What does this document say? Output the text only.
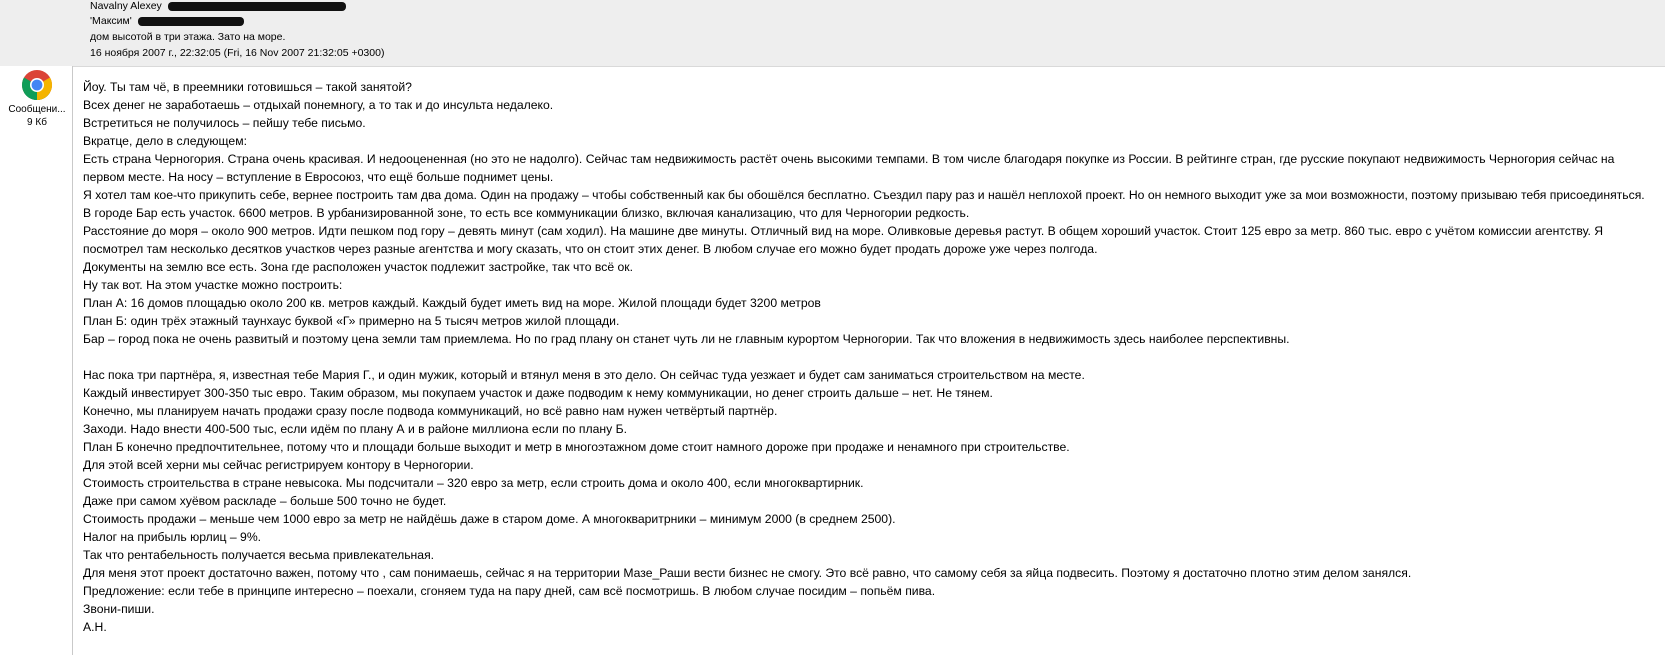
Navalny Alexey
'Максим'
дом высотой в три этажа. Зато на море.
16 ноября 2007 г., 22:32:05 (Fri, 16 Nov 2007 21:32:05 +0300)
Сообщени...
9 Кб

Йоу. Ты там чё, в преемники готовишься – такой занятой?

Всех денег не заработаешь – отдыхай понемногу, а то так и до инсульта недалеко.

Встретиться не получилось – пейшу тебе письмо.

Вкратце, дело в следующем:

Есть страна Черногория. Страна очень красивая. И недооцененная (но это не надолго). Сейчас там недвижимость растёт очень высокими темпами. В том числе благодаря покупке из России. В рейтинге стран, где русские покупают недвижимость Черногория сейчас на первом месте. На носу – вступление в Евросоюз, что ещё больше поднимет цены.

Я хотел там кое-что прикупить себе, вернее построить там два дома. Один на продажу – чтобы собственный как бы обошёлся бесплатно. Съездил пару раз и нашёл неплохой проект. Но он немного выходит уже за мои возможности, поэтому призываю тебя присоединяться.

В городе Бар есть участок. 6600 метров. В урбанизированной зоне, то есть все коммуникации близко, включая канализацию, что для Черногории редкость.

Расстояние до моря – около 900 метров. Идти пешком под гору – девять минут (сам ходил). На машине две минуты. Отличный вид на море. Оливковые деревья растут. В общем хороший участок. Стоит 125 евро за метр. 860 тыс. евро с учётом комиссии агентству. Я посмотрел там несколько десятков участков через разные агентства и могу сказать, что он стоит этих денег. В любом случае его можно будет продать дороже уже через полгода.

Документы на землю все есть. Зона где расположен участок подлежит застройке, так что всё ок.

Ну так вот. На этом участке можно построить:

План А: 16 домов площадью около 200 кв. метров каждый. Каждый будет иметь вид на море. Жилой площади будет 3200 метров

План Б: один трёх этажный таунхаус буквой «Г» примерно на 5 тысяч метров жилой площади.

Бар – город пока не очень развитый и поэтому цена земли там приемлема. Но по град плану он станет чуть ли не главным курортом Черногории. Так что вложения в недвижимость здесь наиболее перспективны.

Нас пока три партнёра, я, известная тебе Мария Г., и один мужик, который и втянул меня в это дело. Он сейчас туда уезжает и будет сам заниматься строительством на месте.

Каждый инвестирует 300-350 тыс евро. Таким образом, мы покупаем участок и даже подводим к нему коммуникации, но денег строить дальше – нет. Не тянем.

Конечно, мы планируем начать продажи сразу после подвода коммуникаций, но всё равно нам нужен четвёртый партнёр.

Заходи. Надо внести 400-500 тыс, если идём по плану А и в районе миллиона если по плану Б.

План Б конечно предпочтительнее, потому что и площади больше выходит и метр в многоэтажном доме стоит намного дороже при продаже и ненамного при строительстве.

Для этой всей херни мы сейчас регистрируем контору в Черногории.

Стоимость строительства в стране невысока. Мы подсчитали – 320 евро за метр, если строить дома и около 400, если многоквартирник.

Даже при самом хуёвом раскладе – больше 500 точно не будет.

Стоимость продажи – меньше чем 1000 евро за метр не найдёшь даже в старом доме. А многокваритрники – минимум 2000 (в среднем 2500).

Налог на прибыль юрлиц – 9%.

Так что рентабельность получается весьма привлекательная.

Для меня этот проект достаточно важен, потому что , сам понимаешь, сейчас я на территории Мазе_Раши вести бизнес не смогу. Это всё равно, что самому себя за яйца подвесить. Поэтому я достаточно плотно этим делом занялся.

Предложение: если тебе в принципе интересно – поехали, сгоняем туда на пару дней, сам всё посмотришь. В любом случае посидим – попьём пива.

Звони-пиши.

А.Н.
